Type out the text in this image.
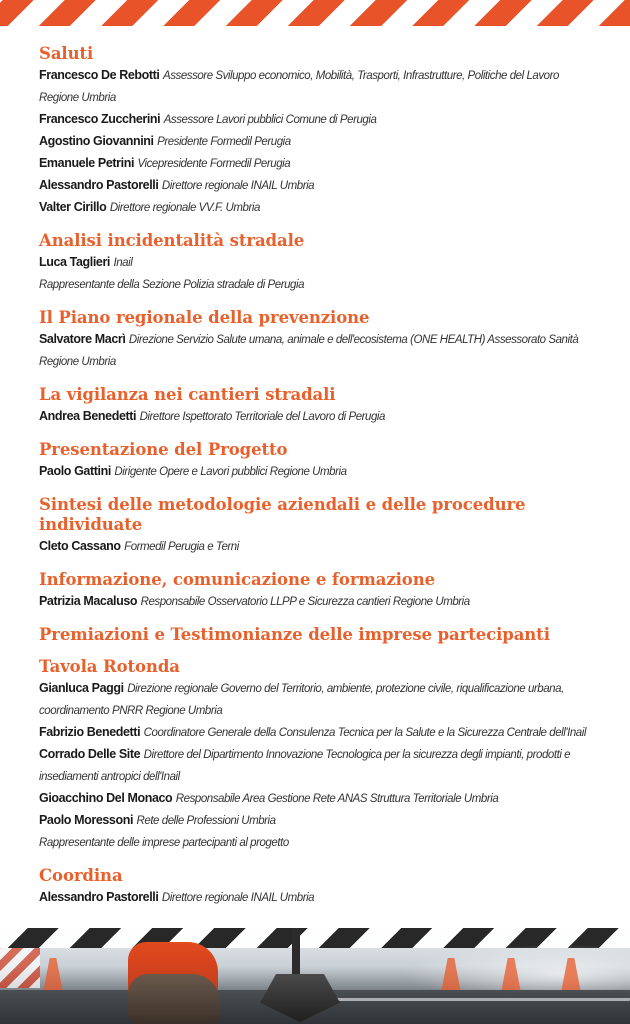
Saluti
Francesco De Rebotti Assessore Sviluppo economico, Mobilità, Trasporti, Infrastrutture, Politiche del Lavoro Regione Umbria
Francesco Zuccherini Assessore Lavori pubblici Comune di Perugia
Agostino Giovannini Presidente Formedil Perugia
Emanuele Petrini Vicepresidente Formedil Perugia
Alessandro Pastorelli Direttore regionale INAIL Umbria
Valter Cirillo Direttore regionale VV.F. Umbria
Analisi incidentalità stradale
Luca Taglieri Inail
Rappresentante della Sezione Polizia stradale di Perugia
Il Piano regionale della prevenzione
Salvatore Macrì Direzione Servizio Salute umana, animale e dell'ecosistema (ONE HEALTH) Assessorato Sanità Regione Umbria
La vigilanza nei cantieri stradali
Andrea Benedetti Direttore Ispettorato Territoriale del Lavoro di Perugia
Presentazione del Progetto
Paolo Gattini Dirigente Opere e Lavori pubblici Regione Umbria
Sintesi delle metodologie aziendali e delle procedure individuate
Cleto Cassano Formedil Perugia e Terni
Informazione, comunicazione e formazione
Patrizia Macaluso Responsabile Osservatorio LLPP e Sicurezza cantieri Regione Umbria
Premiazioni e Testimonianze delle imprese partecipanti
Tavola Rotonda
Gianluca Paggi Direzione regionale Governo del Territorio, ambiente, protezione civile, riqualificazione urbana, coordinamento PNRR Regione Umbria
Fabrizio Benedetti Coordinatore Generale della Consulenza Tecnica per la Salute e la Sicurezza Centrale dell'Inail
Corrado Delle Site Direttore del Dipartimento Innovazione Tecnologica per la sicurezza degli impianti, prodotti e insediamenti antropici dell'Inail
Gioacchino Del Monaco Responsabile Area Gestione Rete ANAS Struttura Territoriale Umbria
Paolo Moressoni Rete delle Professioni Umbria
Rappresentante delle imprese partecipanti al progetto
Coordina
Alessandro Pastorelli Direttore regionale INAIL Umbria
